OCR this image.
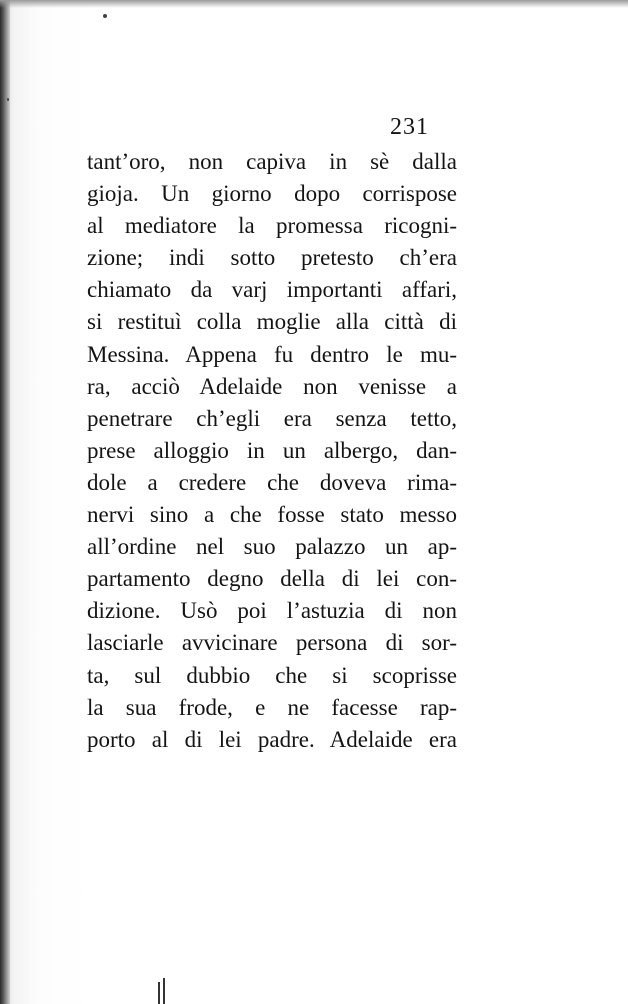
231
tant’oro, non capiva in sè dalla
gioja. Un giorno dopo corrispose
al mediatore la promessa ricogni-
zione; indi sotto pretesto ch’era
chiamato da varj importanti affari,
si restituì colla moglie alla città di
Messina. Appena fu dentro le mu-
ra, acciò Adelaide non venisse a
penetrare ch’egli era senza tetto,
prese alloggio in un albergo, dan-
dole a credere che doveva rima-
nervi sino a che fosse stato messo
all’ordine nel suo palazzo un ap-
partamento degno della di lei con-
dizione. Usò poi l’astuzia di non
lasciarle avvicinare persona di sor-
ta, sul dubbio che si scoprisse
la sua frode, e ne facesse rap-
porto al di lei padre. Adelaide era
